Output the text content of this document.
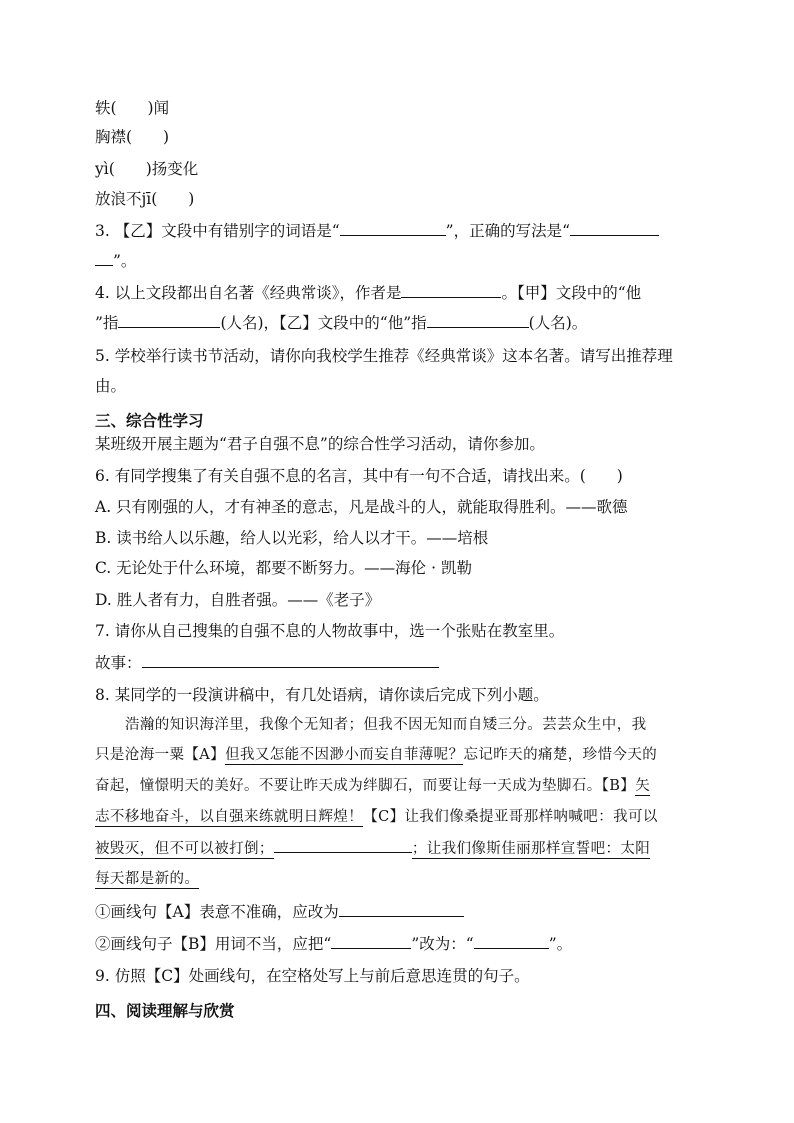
轶(　　)闻
胸襟(　　)
yì(　　)扬变化
放浪不jī(　　)
3. 【乙】文段中有错别字的词语是“	”，正确的写法是“
”。
4. 以上文段都出自名著《经典常谈》，作者是	。【甲】文段中的“他
”指	(人名)，【乙】文段中的“他”指	(人名)。
5. 学校举行读书节活动，请你向我校学生推荐《经典常谈》这本名著。请写出推荐理
由。
三、综合性学习
某班级开展主题为“君子自强不息”的综合性学习活动，请你参加。
6. 有同学搜集了有关自强不息的名言，其中有一句不合适，请找出来。(　　)
A. 只有刚强的人，才有神圣的意志，凡是战斗的人，就能取得胜利。——歌德
B. 读书给人以乐趣，给人以光彩，给人以才干。——培根
C. 无论处于什么环境，都要不断努力。——海伦 · 凯勒
D. 胜人者有力，自胜者强。——《老子》
7. 请你从自己搜集的自强不息的人物故事中，选一个张贴在教室里。
故事：
8. 某同学的一段演讲稿中，有几处语病，请你读后完成下列小题。
浩瀚的知识海洋里，我像个无知者；但我不因无知而自矮三分。芸芸众生中，我
只是沧海一粟【A】但我又怎能不因渺小而妄自菲薄呢？忘记昨天的痛楚，珍惜今天的
奋起，憧憬明天的美好。不要让昨天成为绊脚石，而要让每一天成为垫脚石。【B】矢
志不移地奋斗，以自强来练就明日辉煌！【C】让我们像桑提亚哥那样呐喊吧：我可以
被毁灭，但不可以被打倒；	；让我们像斯佳丽那样宣誓吧：太阳
每天都是新的。
①画线句【A】表意不准确，应改为
②画线句子【B】用词不当，应把“	”改为：“	”。
9. 仿照【C】处画线句，在空格处写上与前后意思连贯的句子。
四、阅读理解与欣赏
